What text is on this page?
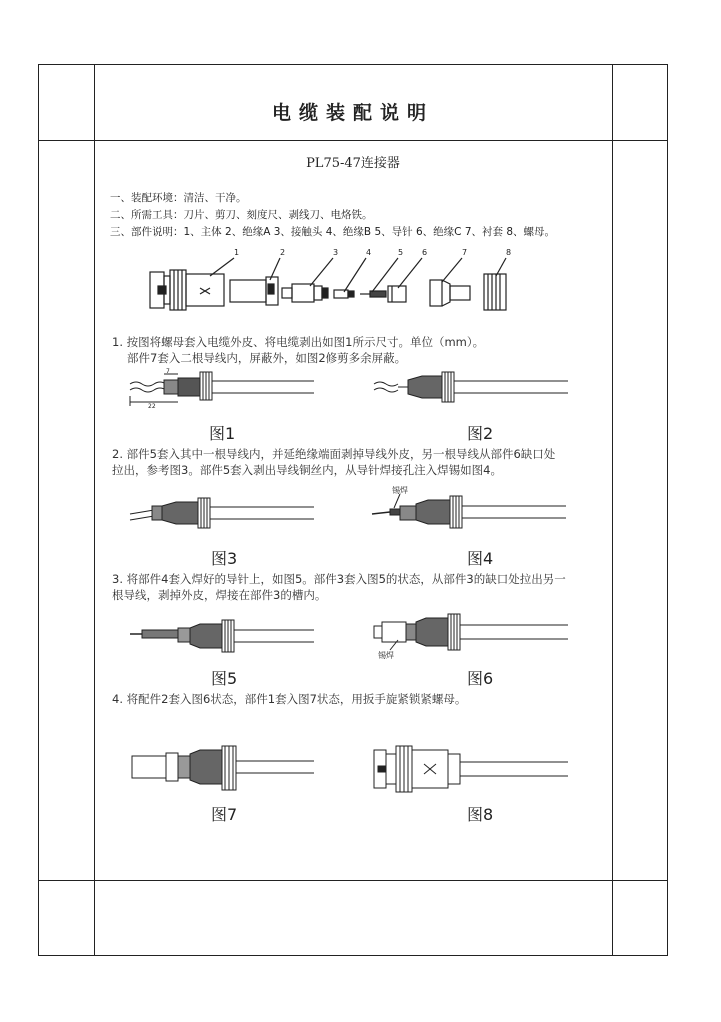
电缆装配说明
PL75-47连接器
一、装配环境：清洁、干净。
二、所需工具：刀片、剪刀、刻度尺、剥线刀、电烙铁。
三、部件说明：1、主体 2、绝缘A 3、接触头 4、绝缘B 5、导针 6、绝缘C 7、衬套 8、螺母。
1	2	3	4	5 6	7	8
1. 按图将螺母套入电缆外皮、将电缆剥出如图1所示尺寸。单位（mm）。
部件7套入二根导线内，屏蔽外，如图2修剪多余屏蔽。
7
22
图1	图2
2. 部件5套入其中一根导线内，并延绝缘端面剥掉导线外皮，另一根导线从部件6缺口处
拉出，参考图3。部件5套入剥出导线铜丝内，从导针焊接孔注入焊锡如图4。
锡焊
图3	图4
3. 将部件4套入焊好的导针上，如图5。部件3套入图5的状态，从部件3的缺口处拉出另一
根导线，剥掉外皮，焊接在部件3的槽内。
锡焊
图5	图6
4. 将配件2套入图6状态，部件1套入图7状态，用扳手旋紧锁紧螺母。
图7	图8
